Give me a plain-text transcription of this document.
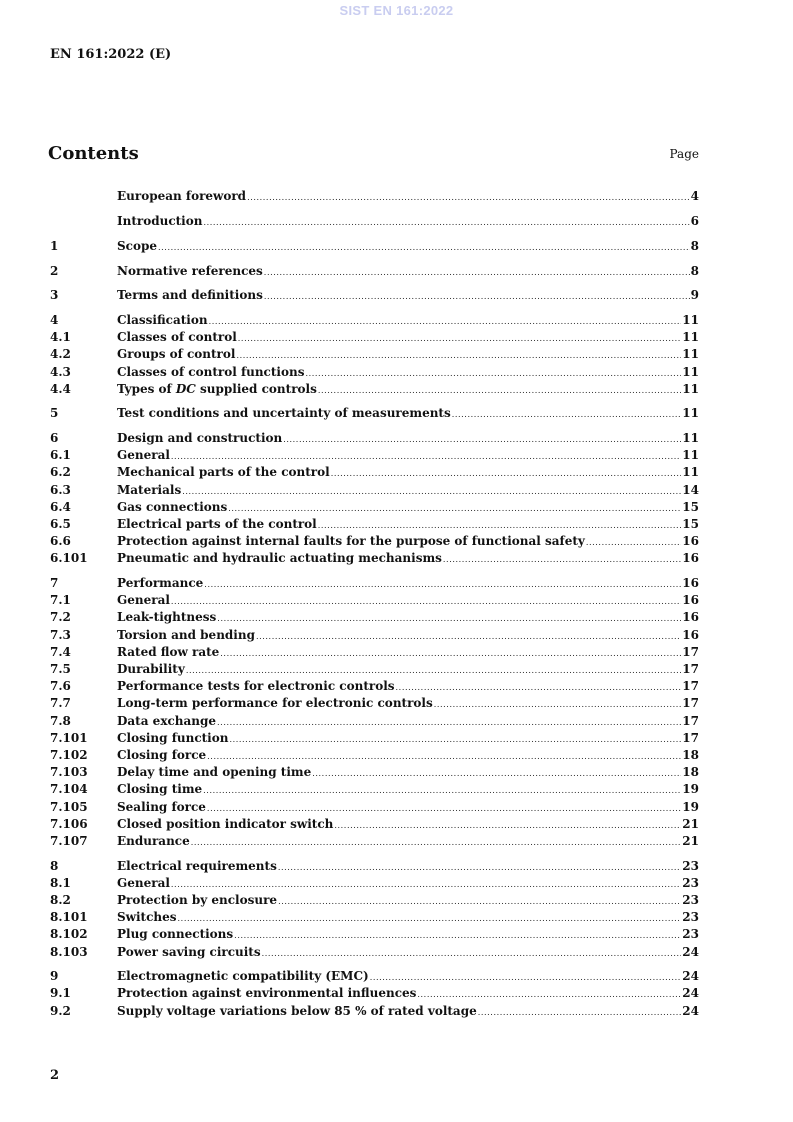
SIST EN 161:2022
EN 161:2022 (E)
Contents	Page
European foreword .....	4
Introduction .....	6
1	Scope .....	8
2	Normative references .....	8
3	Terms and definitions .....	9
4	Classification .....	11
4.1	Classes of control .....	11
4.2	Groups of control .....	11
4.3	Classes of control functions .....	11
4.4	Types of DC supplied controls .....	11
5	Test conditions and uncertainty of measurements .....	11
6	Design and construction .....	11
6.1	General .....	11
6.2	Mechanical parts of the control .....	11
6.3	Materials .....	14
6.4	Gas connections .....	15
6.5	Electrical parts of the control .....	15
6.6	Protection against internal faults for the purpose of functional safety .....	16
6.101	Pneumatic and hydraulic actuating mechanisms .....	16
7	Performance .....	16
7.1	General .....	16
7.2	Leak-tightness .....	16
7.3	Torsion and bending .....	16
7.4	Rated flow rate .....	17
7.5	Durability .....	17
7.6	Performance tests for electronic controls .....	17
7.7	Long-term performance for electronic controls .....	17
7.8	Data exchange .....	17
7.101	Closing function .....	17
7.102	Closing force .....	18
7.103	Delay time and opening time .....	18
7.104	Closing time .....	19
7.105	Sealing force .....	19
7.106	Closed position indicator switch .....	21
7.107	Endurance .....	21
8	Electrical requirements .....	23
8.1	General .....	23
8.2	Protection by enclosure .....	23
8.101	Switches .....	23
8.102	Plug connections .....	23
8.103	Power saving circuits .....	24
9	Electromagnetic compatibility (EMC) .....	24
9.1	Protection against environmental influences .....	24
9.2	Supply voltage variations below 85 % of rated voltage .....	24
2
